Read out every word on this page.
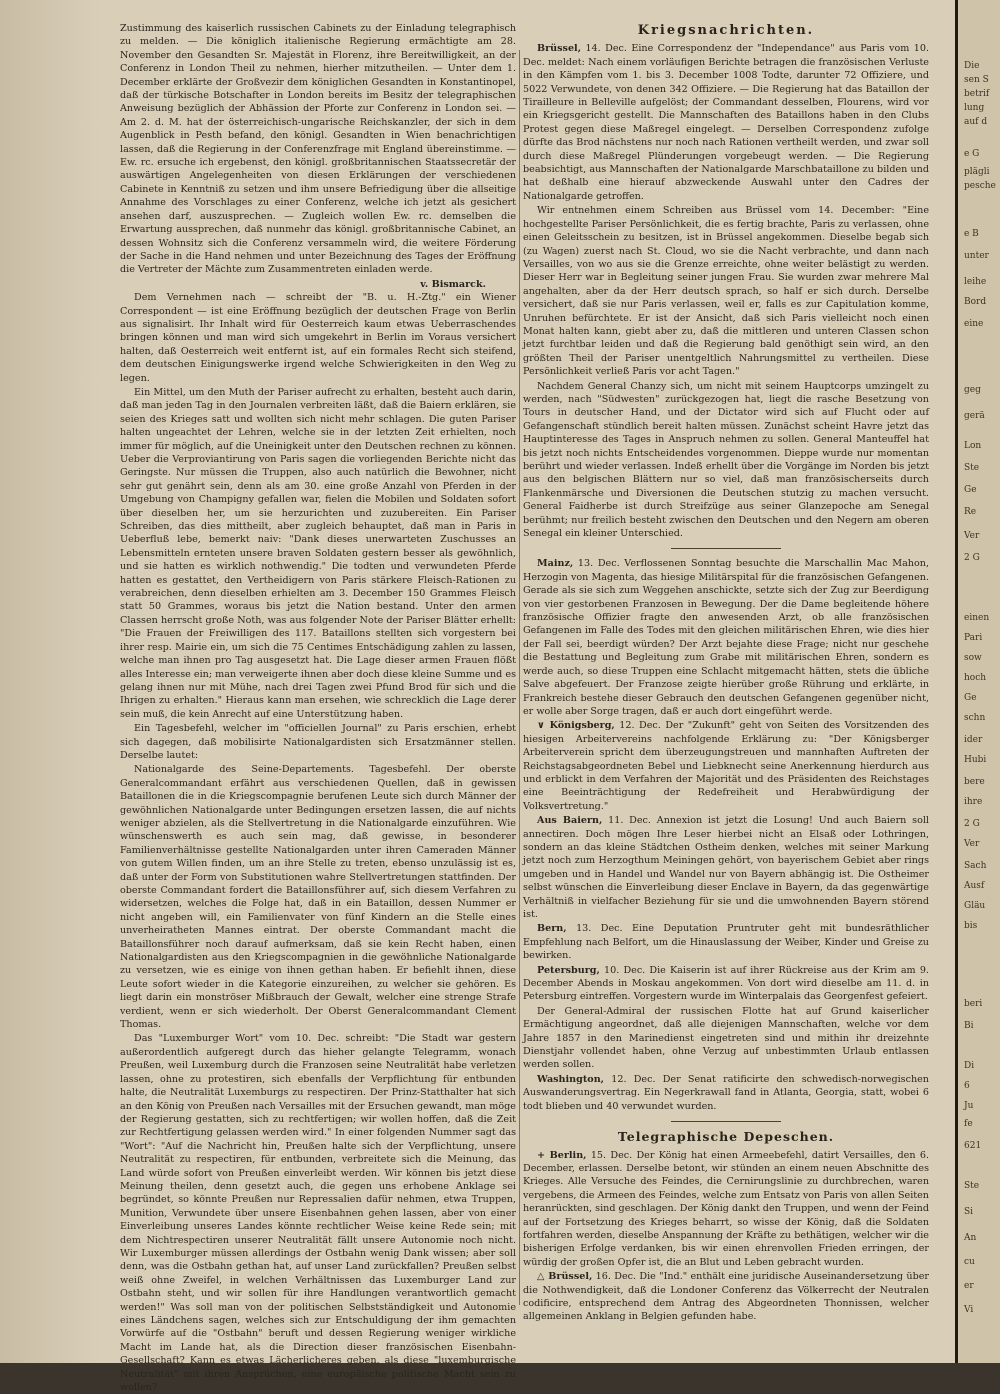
Zustimmung des kaiserlich russischen Cabinets zu der Einladung telegraphisch zu melden. — Die königlich italienische Regierung ermächtigte am 28. November den Gesandten Sr. Majestät in Florenz, ihre Bereitwilligkeit, an der Conferenz in London Theil zu nehmen, hierher mitzutheilen. — Unter dem 1. December erklärte der Großvezir dem königlichen Gesandten in Konstantinopel, daß der türkische Botschafter in London bereits im Besitz der telegraphischen Anweisung bezüglich der Abhässion der Pforte zur Conferenz in London sei. — Am 2. d. M. hat der österreichisch-ungarische Reichskanzler, der sich in dem Augenblick in Pesth befand, den königl. Gesandten in Wien benachrichtigen lassen, daß die Regierung in der Conferenzfrage mit England übereinstimme. — Ew. rc. ersuche ich ergebenst, den königl. großbritannischen Staatssecretär der auswärtigen Angelegenheiten von diesen Erklärungen der verschiedenen Cabinete in Kenntniß zu setzen und ihm unsere Befriedigung über die allseitige Annahme des Vorschlages zu einer Conferenz, welche ich jetzt als gesichert ansehen darf, auszusprechen. — Zugleich wollen Ew. rc. demselben die Erwartung aussprechen, daß nunmehr das königl. großbritannische Cabinet, an dessen Wohnsitz sich die Conferenz versammeln wird, die weitere Förderung der Sache in die Hand nehmen und unter Bezeichnung des Tages der Eröffnung die Vertreter der Mächte zum Zusammentreten einladen werde.

v. Bismarck.

Dem Vernehmen nach — schreibt der "B. u. H.-Ztg." ein Wiener Correspondent — ist eine Eröffnung bezüglich der deutschen Frage von Berlin aus signalisirt. Ihr Inhalt wird für Oesterreich kaum etwas Ueberraschendes bringen können und man wird sich umgekehrt in Berlin im Voraus versichert halten, daß Oesterreich weit entfernt ist, auf ein formales Recht sich steifend, dem deutschen Einigungswerke irgend welche Schwierigkeiten in den Weg zu legen.

Ein Mittel, um den Muth der Pariser aufrecht zu erhalten, besteht auch darin, daß man jeden Tag in den Journalen verbreiten läßt, daß die Baiern erklären, sie seien des Krieges satt und wollten sich nicht mehr schlagen. Die guten Pariser halten ungeachtet der Lehren, welche sie in der letzten Zeit erhielten, noch immer für möglich, auf die Uneinigkeit unter den Deutschen rechnen zu können. Ueber die Verproviantirung von Paris sagen die vorliegenden Berichte nicht das Geringste. Nur müssen die Truppen, also auch natürlich die Bewohner, nicht sehr gut genährt sein, denn als am 30. eine große Anzahl von Pferden in der Umgebung von Champigny gefallen war, fielen die Mobilen und Soldaten sofort über dieselben her, um sie herzurichten und zuzubereiten. Ein Pariser Schreiben, das dies mittheilt, aber zugleich behauptet, daß man in Paris in Ueberfluß lebe, bemerkt naiv: "Dank dieses unerwarteten Zuschusses an Lebensmitteln ernteten unsere braven Soldaten gestern besser als gewöhnlich, und sie hatten es wirklich nothwendig." Die todten und verwundeten Pferde hatten es gestattet, den Vertheidigern von Paris stärkere Fleisch-Rationen zu verabreichen, denn dieselben erhielten am 3. December 150 Grammes Fleisch statt 50 Grammes, woraus bis jetzt die Nation bestand. Unter den armen Classen herrscht große Noth, was aus folgender Note der Pariser Blätter erhellt: "Die Frauen der Freiwilligen des 117. Bataillons stellten sich vorgestern bei ihrer resp. Mairie ein, um sich die 75 Centimes Entschädigung zahlen zu lassen, welche man ihnen pro Tag ausgesetzt hat. Die Lage dieser armen Frauen flößt alles Interesse ein; man verweigerte ihnen aber doch diese kleine Summe und es gelang ihnen nur mit Mühe, nach drei Tagen zwei Pfund Brod für sich und die Ihrigen zu erhalten." Hieraus kann man ersehen, wie schrecklich die Lage derer sein muß, die kein Anrecht auf eine Unterstützung haben.

Ein Tagesbefehl, welcher im "officiellen Journal" zu Paris erschien, erhebt sich dagegen, daß mobilisirte Nationalgardisten sich Ersatzmänner stellen. Derselbe lautet:

Nationalgarde des Seine-Departements. Tagesbefehl. Der oberste Generalcommandant erfährt aus verschiedenen Quellen, daß in gewissen Bataillonen die in die Kriegscompagnie berufenen Leute sich durch Männer der gewöhnlichen Nationalgarde unter Bedingungen ersetzen lassen, die auf nichts weniger abzielen, als die Stellvertretung in die Nationalgarde einzuführen. Wie wünschenswerth es auch sein mag, daß gewisse, in besonderer Familienverhältnisse gestellte Nationalgarden unter ihren Cameraden Männer von gutem Willen finden, um an ihre Stelle zu treten, ebenso unzulässig ist es, daß unter der Form von Substitutionen wahre Stellvertretungen stattfinden. Der oberste Commandant fordert die Bataillonsführer auf, sich diesem Verfahren zu widersetzen, welches die Folge hat, daß in ein Bataillon, dessen Nummer er nicht angeben will, ein Familienvater von fünf Kindern an die Stelle eines unverheiratheten Mannes eintrat. Der oberste Commandant macht die Bataillonsführer noch darauf aufmerksam, daß sie kein Recht haben, einen Nationalgardisten aus den Kriegscompagnien in die gewöhnliche Nationalgarde zu versetzen, wie es einige von ihnen gethan haben. Er befiehlt ihnen, diese Leute sofort wieder in die Kategorie einzureihen, zu welcher sie gehören. Es liegt darin ein monströser Mißbrauch der Gewalt, welcher eine strenge Strafe verdient, wenn er sich wiederholt. Der Oberst Generalcommandant Clement Thomas.

Das "Luxemburger Wort" vom 10. Dec. schreibt: "Die Stadt war gestern außerordentlich aufgeregt durch das hieher gelangte Telegramm, wonach Preußen, weil Luxemburg durch die Franzosen seine Neutralität habe verletzen lassen, ohne zu protestiren, sich ebenfalls der Verpflichtung für entbunden halte, die Neutralität Luxemburgs zu respectiren. Der Prinz-Statthalter hat sich an den König von Preußen nach Versailles mit der Ersuchen gewandt, man möge der Regierung gestatten, sich zu rechtfertigen; wir wollen hoffen, daß die Zeit zur Rechtfertigung gelassen werden wird." In einer folgenden Nummer sagt das "Wort": "Auf die Nachricht hin, Preußen halte sich der Verpflichtung, unsere Neutralität zu respectiren, für entbunden, verbreitete sich die Meinung, das Land würde sofort von Preußen einverleibt werden. Wir können bis jetzt diese Meinung theilen, denn gesetzt auch, die gegen uns erhobene Anklage sei begründet, so könnte Preußen nur Repressalien dafür nehmen, etwa Truppen, Munition, Verwundete über unsere Eisenbahnen gehen lassen, aber von einer Einverleibung unseres Landes könnte rechtlicher Weise keine Rede sein; mit dem Nichtrespectiren unserer Neutralität fällt unsere Autonomie noch nicht. Wir Luxemburger müssen allerdings der Ostbahn wenig Dank wissen; aber soll denn, was die Ostbahn gethan hat, auf unser Land zurückfallen? Preußen selbst weiß ohne Zweifel, in welchen Verhältnissen das Luxemburger Land zur Ostbahn steht, und wir sollen für ihre Handlungen verantwortlich gemacht werden!" Was soll man von der politischen Selbstständigkeit und Autonomie eines Ländchens sagen, welches sich zur Entschuldigung der ihm gemachten Vorwürfe auf die "Ostbahn" beruft und dessen Regierung weniger wirkliche Macht im Lande hat, als die Direction dieser französischen Eisenbahn-Gesellschaft? Kann es etwas Lächerlicheres geben, als diese "luxemburgische Neutralität" mit ihren Ansprüchen, eine europäische politische Macht sein zu wollen?

Kriegsnachrichten.

Brüssel, 14. Dec. Eine Correspondenz der "Independance" aus Paris vom 10. Dec. meldet: Nach einem vorläufigen Berichte betragen die französischen Verluste in den Kämpfen vom 1. bis 3. December 1008 Todte, darunter 72 Offiziere, und 5022 Verwundete, von denen 342 Offiziere. — Die Regierung hat das Bataillon der Tirailleure in Belleville aufgelöst; der Commandant desselben, Flourens, wird vor ein Kriegsgericht gestellt. Die Mannschaften des Bataillons haben in den Clubs Protest gegen diese Maßregel eingelegt. — Derselben Correspondenz zufolge dürfte das Brod nächstens nur noch nach Rationen vertheilt werden, und zwar soll durch diese Maßregel Plünderungen vorgebeugt werden. — Die Regierung beabsichtigt, aus Mannschaften der Nationalgarde Marschbataillone zu bilden und hat deßhalb eine hierauf abzweckende Auswahl unter den Cadres der Nationalgarde getroffen.

Wir entnehmen einem Schreiben aus Brüssel vom 14. December: "Eine hochgestellte Pariser Persönlichkeit, die es fertig brachte, Paris zu verlassen, ohne einen Geleitsschein zu besitzen, ist in Brüssel angekommen. Dieselbe begab sich (zu Wagen) zuerst nach St. Cloud, wo sie die Nacht verbrachte, und dann nach Versailles, von wo aus sie die Grenze erreichte, ohne weiter belästigt zu werden. Dieser Herr war in Begleitung seiner jungen Frau. Sie wurden zwar mehrere Mal angehalten, aber da der Herr deutsch sprach, so half er sich durch. Derselbe versichert, daß sie nur Paris verlassen, weil er, falls es zur Capitulation komme, Unruhen befürchtete. Er ist der Ansicht, daß sich Paris vielleicht noch einen Monat halten kann, giebt aber zu, daß die mittleren und unteren Classen schon jetzt furchtbar leiden und daß die Regierung bald genöthigt sein wird, an den größten Theil der Pariser unentgeltlich Nahrungsmittel zu vertheilen. Diese Persönlichkeit verließ Paris vor acht Tagen."

Nachdem General Chanzy sich, um nicht mit seinem Hauptcorps umzingelt zu werden, nach "Südwesten" zurückgezogen hat, liegt die rasche Besetzung von Tours in deutscher Hand, und der Dictator wird sich auf Flucht oder auf Gefangenschaft stündlich bereit halten müssen. Zunächst scheint Havre jetzt das Hauptinteresse des Tages in Anspruch nehmen zu sollen. General Manteuffel hat bis jetzt noch nichts Entscheidendes vorgenommen. Dieppe wurde nur momentan berührt und wieder verlassen. Indeß erhellt über die Vorgänge im Norden bis jetzt aus den belgischen Blättern nur so viel, daß man französischerseits durch Flankenmärsche und Diversionen die Deutschen stutzig zu machen versucht. General Faidherbe ist durch Streifzüge aus seiner Glanzepoche am Senegal berühmt; nur freilich besteht zwischen den Deutschen und den Negern am oberen Senegal ein kleiner Unterschied.

Mainz, 13. Dec. Verflossenen Sonntag besuchte die Marschallin Mac Mahon, Herzogin von Magenta, das hiesige Militärspital für die französischen Gefangenen. Gerade als sie sich zum Weggehen anschickte, setzte sich der Zug zur Beerdigung von vier gestorbenen Franzosen in Bewegung. Der die Dame begleitende höhere französische Offizier fragte den anwesenden Arzt, ob alle französischen Gefangenen im Falle des Todes mit den gleichen militärischen Ehren, wie dies hier der Fall sei, beerdigt würden? Der Arzt bejahte diese Frage; nicht nur geschehe die Bestattung und Begleitung zum Grabe mit militärischen Ehren, sondern es werde auch, so diese Truppen eine Schlacht mitgemacht hätten, stets die übliche Salve abgefeuert. Der Franzose zeigte hierüber große Rührung und erklärte, in Frankreich bestehe dieser Gebrauch den deutschen Gefangenen gegenüber nicht, er wolle aber Sorge tragen, daß er auch dort eingeführt werde.

∨ Königsberg, 12. Dec. Der "Zukunft" geht von Seiten des Vorsitzenden des hiesigen Arbeitervereins nachfolgende Erklärung zu: "Der Königsberger Arbeiterverein spricht dem überzeugungstreuen und mannhaften Auftreten der Reichstagsabgeordneten Bebel und Liebknecht seine Anerkennung hierdurch aus und erblickt in dem Verfahren der Majorität und des Präsidenten des Reichstages eine Beeinträchtigung der Redefreiheit und Herabwürdigung der Volksvertretung."

Aus Baiern, 11. Dec. Annexion ist jetzt die Losung! Und auch Baiern soll annectiren. Doch mögen Ihre Leser hierbei nicht an Elsaß oder Lothringen, sondern an das kleine Städtchen Ostheim denken, welches mit seiner Markung jetzt noch zum Herzogthum Meiningen gehört, von bayerischem Gebiet aber rings umgeben und in Handel und Wandel nur von Bayern abhängig ist. Die Ostheimer selbst wünschen die Einverleibung dieser Enclave in Bayern, da das gegenwärtige Verhältniß in vielfacher Beziehung für sie und die umwohnenden Bayern störend ist.

Bern, 13. Dec. Eine Deputation Pruntruter geht mit bundesräthlicher Empfehlung nach Belfort, um die Hinauslassung der Weiber, Kinder und Greise zu bewirken.

Petersburg, 10. Dec. Die Kaiserin ist auf ihrer Rückreise aus der Krim am 9. December Abends in Moskau angekommen. Von dort wird dieselbe am 11. d. in Petersburg eintreffen. Vorgestern wurde im Winterpalais das Georgenfest gefeiert.

Der General-Admiral der russischen Flotte hat auf Grund kaiserlicher Ermächtigung angeordnet, daß alle diejenigen Mannschaften, welche vor dem Jahre 1857 in den Marinedienst eingetreten sind und mithin ihr dreizehnte Dienstjahr vollendet haben, ohne Verzug auf unbestimmten Urlaub entlassen werden sollen.

Washington, 12. Dec. Der Senat ratificirte den schwedisch-norwegischen Auswanderungsvertrag. Ein Negerkrawall fand in Atlanta, Georgia, statt, wobei 6 todt blieben und 40 verwundet wurden.

Telegraphische Depeschen.

+ Berlin, 15. Dec. Der König hat einen Armeebefehl, datirt Versailles, den 6. December, erlassen. Derselbe betont, wir stünden an einem neuen Abschnitte des Krieges. Alle Versuche des Feindes, die Cernirungslinie zu durchbrechen, waren vergebens, die Armeen des Feindes, welche zum Entsatz von Paris von allen Seiten heranrückten, sind geschlagen. Der König dankt den Truppen, und wenn der Feind auf der Fortsetzung des Krieges beharrt, so wisse der König, daß die Soldaten fortfahren werden, dieselbe Anspannung der Kräfte zu bethätigen, welcher wir die bisherigen Erfolge verdanken, bis wir einen ehrenvollen Frieden erringen, der würdig der großen Opfer ist, die an Blut und Leben gebracht wurden.

△ Brüssel, 16. Dec. Die "Ind." enthält eine juridische Auseinandersetzung über die Nothwendigkeit, daß die Londoner Conferenz das Völkerrecht der Neutralen codificire, entsprechend dem Antrag des Abgeordneten Thonnissen, welcher allgemeinen Anklang in Belgien gefunden habe.

Die
sen S
betrif
lung
auf d
e G
plägli
pesche
e B
unter
leihe
Bord
eine
geg
gerä
Lon
Ste
Ge
Re
Ver
2 G
einen
Pari
sow
hoch
Ge
schn
ider
Hubi
bere
ihre
2 G
Ver
Sach
Ausf
Gläu
bis
beri
Bi
Di
6
Ju
fe
621
Ste
Si
An
cu
er
Vi
